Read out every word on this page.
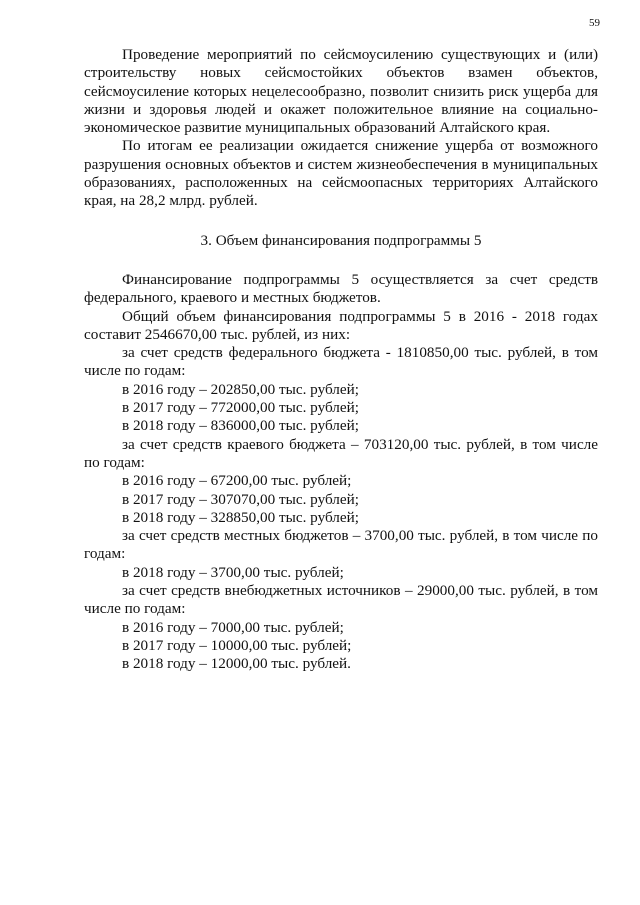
59

Проведение мероприятий по сейсмоусилению существующих и (или) строительству новых сейсмостойких объектов взамен объектов, сейсмоусиление которых нецелесообразно, позволит снизить риск ущерба для жизни и здоровья людей и окажет положительное влияние на социально-экономическое развитие муниципальных образований Алтайского края.

По итогам ее реализации ожидается снижение ущерба от возможного разрушения основных объектов и систем жизнеобеспечения в муниципальных образованиях, расположенных на сейсмоопасных территориях Алтайского края, на 28,2 млрд. рублей.

3. Объем финансирования подпрограммы 5

Финансирование подпрограммы 5 осуществляется за счет средств федерального, краевого и местных бюджетов.

Общий объем финансирования подпрограммы 5 в 2016 - 2018 годах составит 2546670,00 тыс. рублей, из них:

за счет средств федерального бюджета - 1810850,00 тыс. рублей, в том числе по годам:

в 2016 году – 202850,00 тыс. рублей;

в 2017 году – 772000,00 тыс. рублей;

в 2018 году – 836000,00 тыс. рублей;

за счет средств краевого бюджета – 703120,00 тыс. рублей, в том числе по годам:

в 2016 году – 67200,00 тыс. рублей;

в 2017 году – 307070,00 тыс. рублей;

в 2018 году – 328850,00 тыс. рублей;

за счет средств местных бюджетов – 3700,00 тыс. рублей, в том числе по годам:

в 2018 году – 3700,00 тыс. рублей;

за счет средств внебюджетных источников – 29000,00 тыс. рублей, в том числе по годам:

в 2016 году – 7000,00 тыс. рублей;

в 2017 году – 10000,00 тыс. рублей;

в 2018 году – 12000,00 тыс. рублей.
